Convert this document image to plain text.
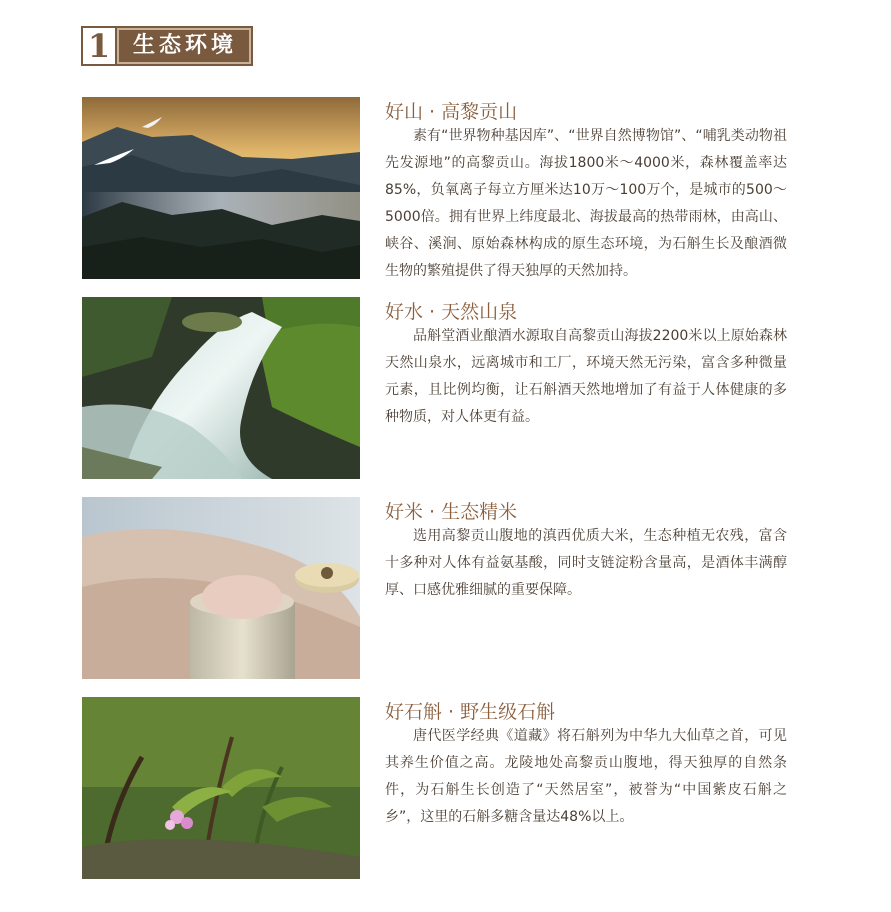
1	生态环境
好山 · 高黎贡山
素有“世界物种基因库”、“世界自然博物馆”、“哺乳类动物祖先发源地”的高黎贡山。海拔1800米～4000米，森林覆盖率达85%，负氧离子每立方厘米达10万～100万个，是城市的500～5000倍。拥有世界上纬度最北、海拔最高的热带雨林，由高山、峡谷、溪涧、原始森林构成的原生态环境，为石斛生长及酿酒微生物的繁殖提供了得天独厚的天然加持。
好水 · 天然山泉
品斛堂酒业酿酒水源取自高黎贡山海拔2200米以上原始森林天然山泉水，远离城市和工厂，环境天然无污染，富含多种微量元素，且比例均衡，让石斛酒天然地增加了有益于人体健康的多种物质，对人体更有益。
好米 · 生态精米
选用高黎贡山腹地的滇西优质大米，生态种植无农残，富含十多种对人体有益氨基酸，同时支链淀粉含量高，是酒体丰满醇厚、口感优雅细腻的重要保障。
好石斛 · 野生级石斛
唐代医学经典《道藏》将石斛列为中华九大仙草之首，可见其养生价值之高。龙陵地处高黎贡山腹地，得天独厚的自然条件，为石斛生长创造了“天然居室”，被誉为“中国紫皮石斛之乡”，这里的石斛多糖含量达48%以上。
